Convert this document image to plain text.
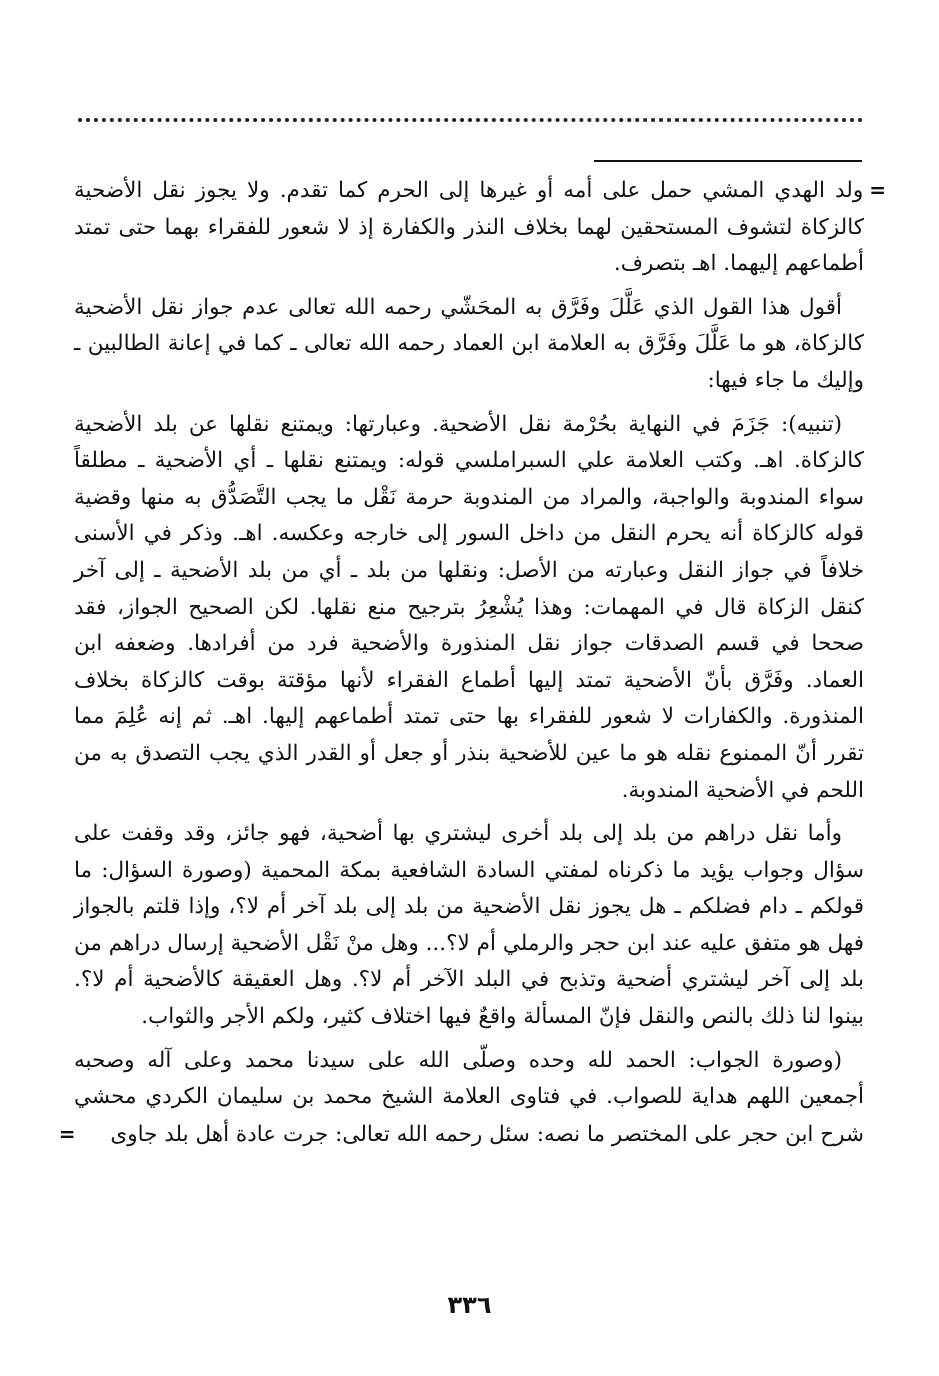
=ولد الهدي المشي حمل على أمه أو غيرها إلى الحرم كما تقدم. ولا يجوز نقل الأضحية كالزكاة لتشوف المستحقين لهما بخلاف النذر والكفارة إذ لا شعور للفقراء بهما حتى تمتد أطماعهم إليهما. اهـ بتصرف.

أقول هذا القول الذي عَلَّلَ وفَرَّق به المحَشّي رحمه الله تعالى عدم جواز نقل الأضحية كالزكاة، هو ما عَلَّلَ وفَرَّق به العلامة ابن العماد رحمه الله تعالى ـ كما في إعانة الطالبين ـ وإليك ما جاء فيها:

(تنبيه): جَزَمَ في النهاية بحُرْمة نقل الأضحية. وعبارتها: ويمتنع نقلها عن بلد الأضحية كالزكاة. اهـ. وكتب العلامة علي السبراملسي قوله: ويمتنع نقلها ـ أي الأضحية ـ مطلقاً سواء المندوبة والواجبة، والمراد من المندوبة حرمة نَقْل ما يجب التَّصَدُّق به منها وقضية قوله كالزكاة أنه يحرم النقل من داخل السور إلى خارجه وعكسه. اهـ. وذكر في الأسنى خلافاً في جواز النقل وعبارته من الأصل: ونقلها من بلد ـ أي من بلد الأضحية ـ إلى آخر كنقل الزكاة قال في المهمات: وهذا يُشْعِرُ بترجيح منع نقلها. لكن الصحيح الجواز، فقد صححا في قسم الصدقات جواز نقل المنذورة والأضحية فرد من أفرادها. وضعفه ابن العماد. وفَرَّق بأنّ الأضحية تمتد إليها أطماع الفقراء لأنها مؤقتة بوقت كالزكاة بخلاف المنذورة. والكفارات لا شعور للفقراء بها حتى تمتد أطماعهم إليها. اهـ. ثم إنه عُلِمَ مما تقرر أنّ الممنوع نقله هو ما عين للأضحية بنذر أو جعل أو القدر الذي يجب التصدق به من اللحم في الأضحية المندوبة.

وأما نقل دراهم من بلد إلى بلد أخرى ليشتري بها أضحية، فهو جائز، وقد وقفت على سؤال وجواب يؤيد ما ذكرناه لمفتي السادة الشافعية بمكة المحمية (وصورة السؤال: ما قولكم ـ دام فضلكم ـ هل يجوز نقل الأضحية من بلد إلى بلد آخر أم لا؟، وإذا قلتم بالجواز فهل هو متفق عليه عند ابن حجر والرملي أم لا؟... وهل منْ نَقْل الأضحية إرسال دراهم من بلد إلى آخر ليشتري أضحية وتذبح في البلد الآخر أم لا؟. وهل العقيقة كالأضحية أم لا؟. بينوا لنا ذلك بالنص والنقل فإنّ المسألة واقعٌ فيها اختلاف كثير، ولكم الأجر والثواب.

(وصورة الجواب: الحمد لله وحده وصلّى الله على سيدنا محمد وعلى آله وصحبه أجمعين اللهم هداية للصواب. في فتاوى العلامة الشيخ محمد بن سليمان الكردي محشي شرح ابن حجر على المختصر ما نصه: سئل رحمه الله تعالى: جرت عادة أهل بلد جاوى =

٣٣٦
